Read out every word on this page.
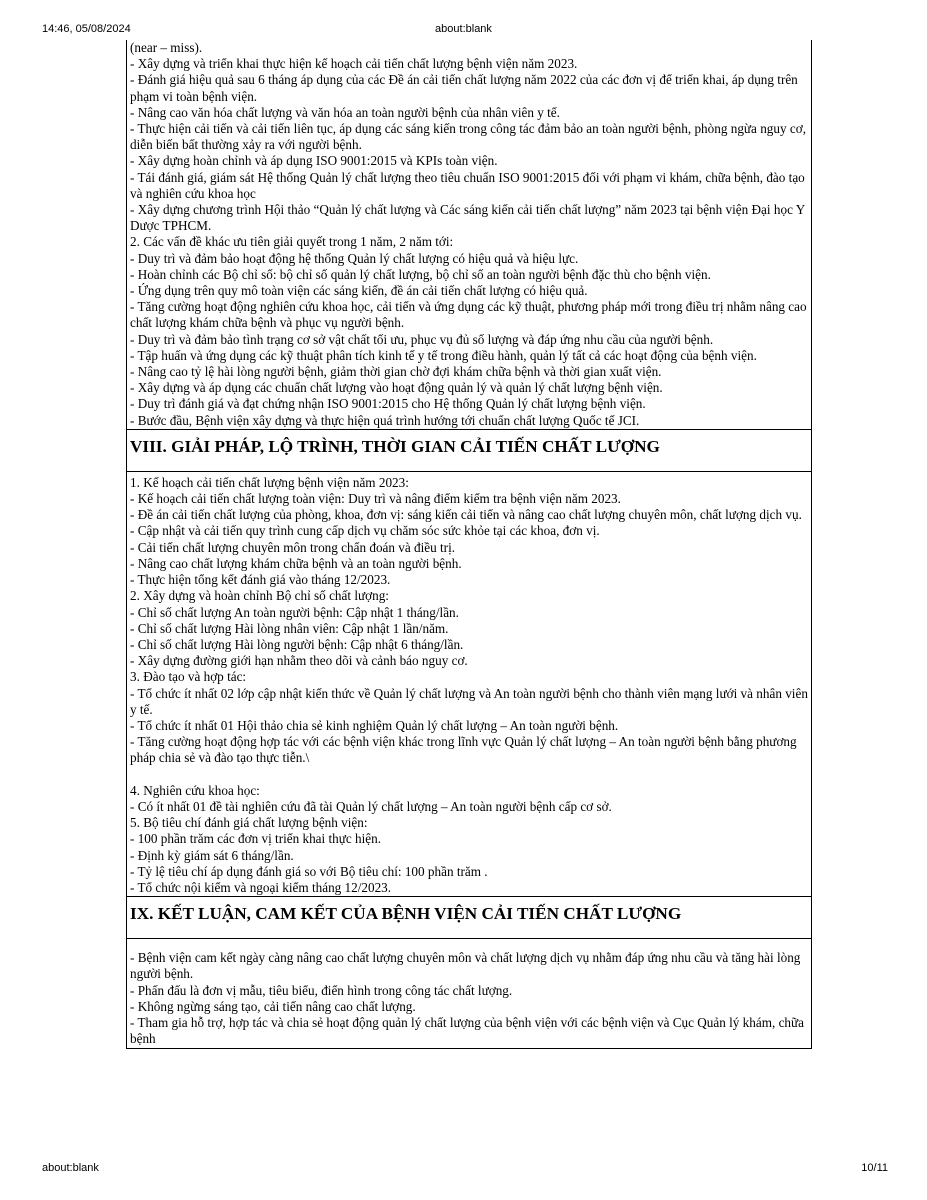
14:46, 05/08/2024	about:blank
(near – miss).
- Xây dựng và triển khai thực hiện kế hoạch cải tiến chất lượng bệnh viện năm 2023.
- Đánh giá hiệu quả sau 6 tháng áp dụng của các Đề án cải tiến chất lượng năm 2022 của các đơn vị để triển khai, áp dụng trên phạm vi toàn bệnh viện.
- Nâng cao văn hóa chất lượng và văn hóa an toàn người bệnh của nhân viên y tế.
- Thực hiện cải tiến và cải tiến liên tục, áp dụng các sáng kiến trong công tác đảm bảo an toàn người bệnh, phòng ngừa nguy cơ, diễn biến bất thường xảy ra với người bệnh.
- Xây dựng hoàn chỉnh và áp dụng ISO 9001:2015 và KPIs toàn viện.
- Tái đánh giá, giám sát Hệ thống Quản lý chất lượng theo tiêu chuẩn ISO 9001:2015 đối với phạm vi khám, chữa bệnh, đào tạo và nghiên cứu khoa học
- Xây dựng chương trình Hội thảo “Quản lý chất lượng và Các sáng kiến cải tiến chất lượng” năm 2023 tại bệnh viện Đại học Y Dược TPHCM.
2. Các vấn đề khác ưu tiên giải quyết trong 1 năm, 2 năm tới:
- Duy trì và đảm bảo hoạt động hệ thống Quản lý chất lượng có hiệu quả và hiệu lực.
- Hoàn chỉnh các Bộ chỉ số: bộ chỉ số quản lý chất lượng, bộ chỉ số an toàn người bệnh đặc thù cho bệnh viện.
- Ứng dụng trên quy mô toàn viện các sáng kiến, đề án cải tiến chất lượng có hiệu quả.
- Tăng cường hoạt động nghiên cứu khoa học, cải tiến và ứng dụng các kỹ thuật, phương pháp mới trong điều trị nhằm nâng cao chất lượng khám chữa bệnh và phục vụ người bệnh.
- Duy trì và đảm bảo tình trạng cơ sở vật chất tối ưu, phục vụ đủ số lượng và đáp ứng nhu cầu của người bệnh.
- Tập huấn và ứng dụng các kỹ thuật phân tích kinh tế y tế trong điều hành, quản lý tất cả các hoạt động của bệnh viện.
- Nâng cao tỷ lệ hài lòng người bệnh, giảm thời gian chờ đợi khám chữa bệnh và thời gian xuất viện.
- Xây dựng và áp dụng các chuẩn chất lượng vào hoạt động quản lý và quản lý chất lượng bệnh viện.
- Duy trì đánh giá và đạt chứng nhận ISO 9001:2015 cho Hệ thống Quản lý chất lượng bệnh viện.
- Bước đầu, Bệnh viện xây dựng và thực hiện quá trình hướng tới chuẩn chất lượng Quốc tế JCI.
VIII. GIẢI PHÁP, LỘ TRÌNH, THỜI GIAN CẢI TIẾN CHẤT LƯỢNG
1. Kế hoạch cải tiến chất lượng bệnh viện năm 2023:
- Kế hoạch cải tiến chất lượng toàn viện: Duy trì và nâng điểm kiểm tra bệnh viện năm 2023.
- Đề án cải tiến chất lượng của phòng, khoa, đơn vị: sáng kiến cải tiến và nâng cao chất lượng chuyên môn, chất lượng dịch vụ.
- Cập nhật và cải tiến quy trình cung cấp dịch vụ chăm sóc sức khỏe tại các khoa, đơn vị.
- Cải tiến chất lượng chuyên môn trong chẩn đoán và điều trị.
- Nâng cao chất lượng khám chữa bệnh và an toàn người bệnh.
- Thực hiện tổng kết đánh giá vào tháng 12/2023.
2. Xây dựng và hoàn chỉnh Bộ chỉ số chất lượng:
- Chỉ số chất lượng An toàn người bệnh: Cập nhật 1 tháng/lần.
- Chỉ số chất lượng Hài lòng nhân viên: Cập nhật 1 lần/năm.
- Chỉ số chất lượng Hài lòng người bệnh: Cập nhật 6 tháng/lần.
- Xây dựng đường giới hạn nhằm theo dõi và cảnh báo nguy cơ.
3. Đào tạo và hợp tác:
- Tổ chức ít nhất 02 lớp cập nhật kiến thức về Quản lý chất lượng và An toàn người bệnh cho thành viên mạng lưới và nhân viên y tế.
- Tổ chức ít nhất 01 Hội thảo chia sẻ kinh nghiệm Quản lý chất lượng – An toàn người bệnh.
- Tăng cường hoạt động hợp tác với các bệnh viện khác trong lĩnh vực Quản lý chất lượng – An toàn người bệnh bằng phương pháp chia sẻ và đào tạo thực tiễn.\
4. Nghiên cứu khoa học:
- Có ít nhất 01 đề tài nghiên cứu đã tài Quản lý chất lượng – An toàn người bệnh cấp cơ sở.
5. Bộ tiêu chí đánh giá chất lượng bệnh viện:
- 100 phần trăm các đơn vị triển khai thực hiện.
- Định kỳ giám sát 6 tháng/lần.
- Tỷ lệ tiêu chí áp dụng đánh giá so với Bộ tiêu chí: 100 phần trăm .
- Tổ chức nội kiểm và ngoại kiểm tháng 12/2023.
IX. KẾT LUẬN, CAM KẾT CỦA BỆNH VIỆN CẢI TIẾN CHẤT LƯỢNG
- Bệnh viện cam kết ngày càng nâng cao chất lượng chuyên môn và chất lượng dịch vụ nhằm đáp ứng nhu cầu và tăng hài lòng người bệnh.
- Phấn đấu là đơn vị mẫu, tiêu biểu, điển hình trong công tác chất lượng.
- Không ngừng sáng tạo, cải tiến nâng cao chất lượng.
- Tham gia hỗ trợ, hợp tác và chia sẻ hoạt động quản lý chất lượng của bệnh viện với các bệnh viện và Cục Quản lý khám, chữa bệnh
about:blank	10/11
